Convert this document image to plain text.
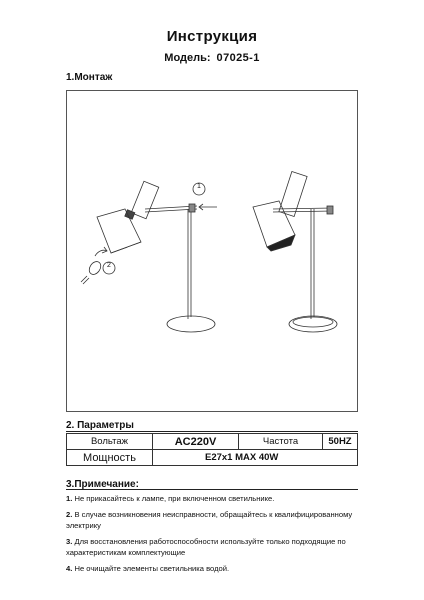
Инструкция
Модель: 07025-1
1.Монтаж
1
2
2. Параметры
Вольтаж	AC220V	Частота	50HZ
Мощность	E27x1 MAX 40W		
3.Примечание:

1. Не прикасайтесь к лампе, при включенном светильнике.

2. В случае возникновения неисправности, обращайтесь к квалифицированному электрику

3. Для восстановления работоспособности используйте только подходящие по характеристикам комплектующие

4. Не очищайте элементы светильника водой.
